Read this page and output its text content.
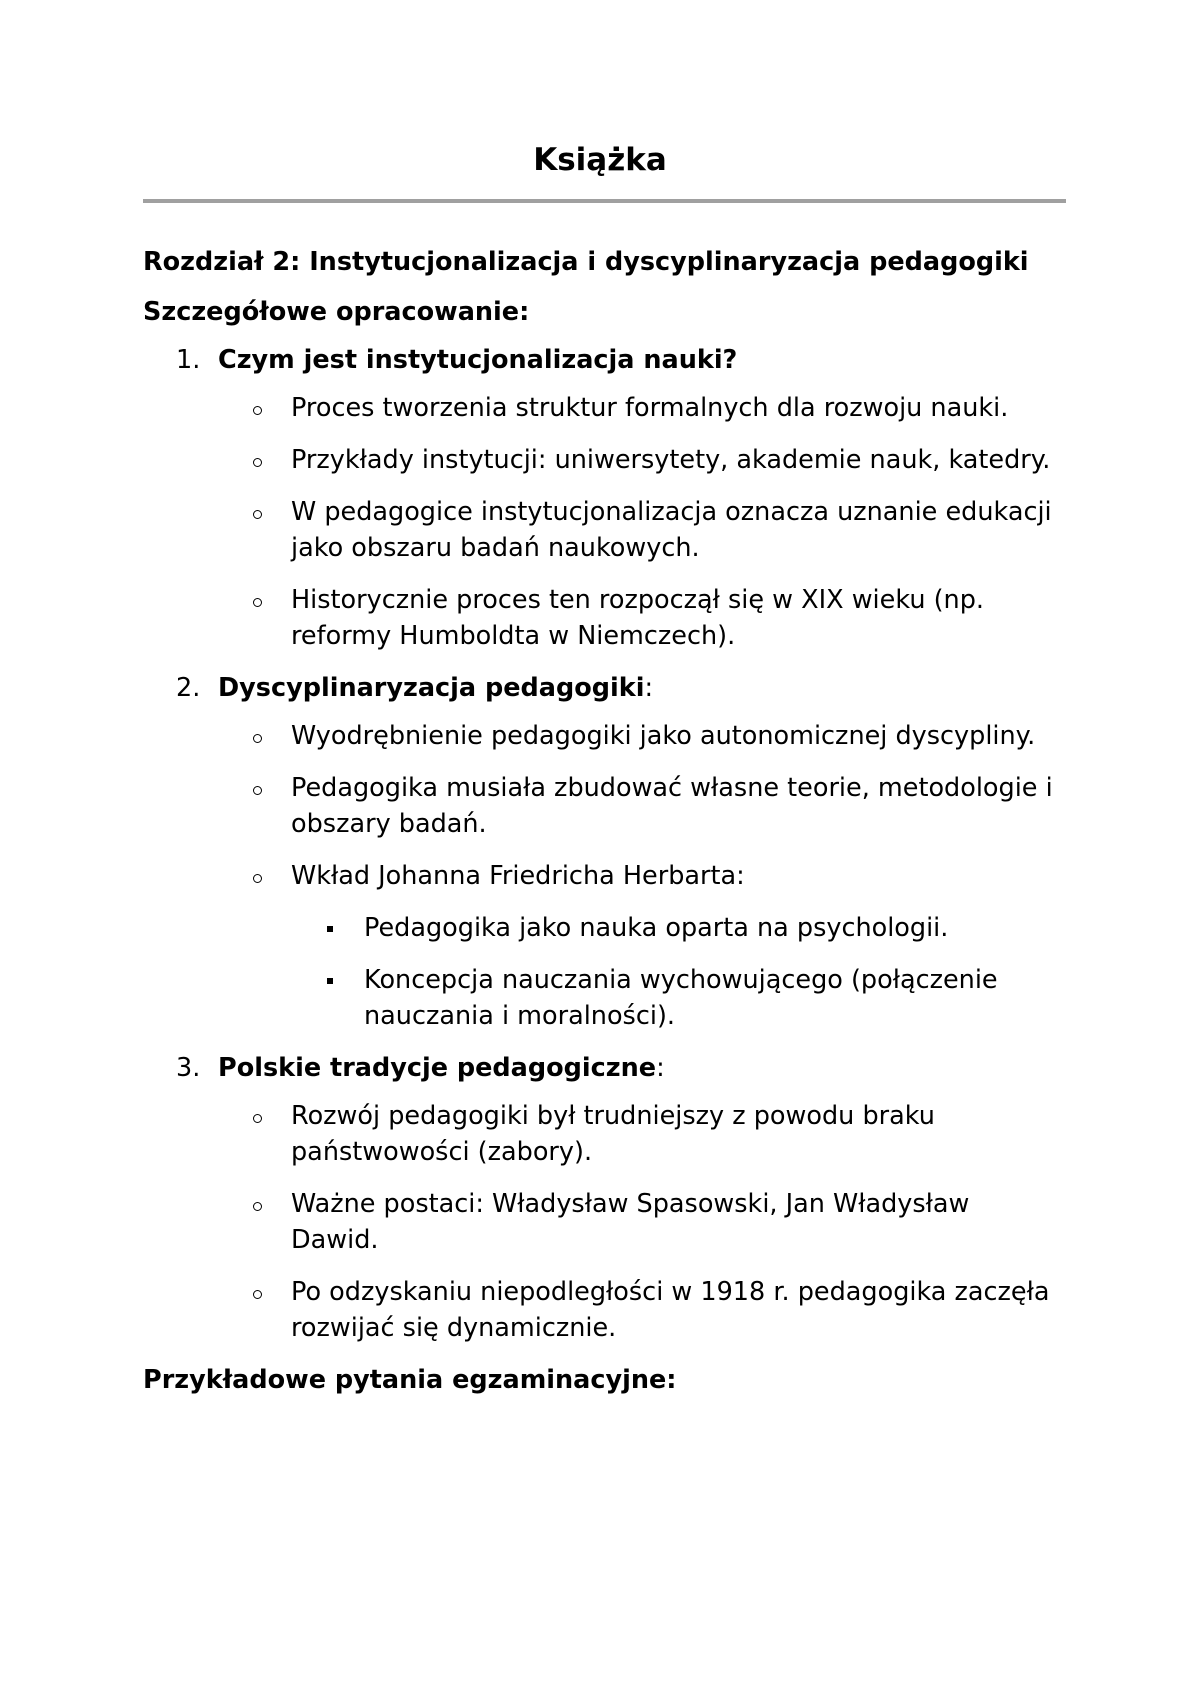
Książka
Rozdział 2: Instytucjonalizacja i dyscyplinaryzacja pedagogiki
Szczegółowe opracowanie:
1. Czym jest instytucjonalizacja nauki?
Proces tworzenia struktur formalnych dla rozwoju nauki.
Przykłady instytucji: uniwersytety, akademie nauk, katedry.
W pedagogice instytucjonalizacja oznacza uznanie edukacji jako obszaru badań naukowych.
Historycznie proces ten rozpoczął się w XIX wieku (np. reformy Humboldta w Niemczech).
2. Dyscyplinaryzacja pedagogiki:
Wyodrębnienie pedagogiki jako autonomicznej dyscypliny.
Pedagogika musiała zbudować własne teorie, metodologie i obszary badań.
Wkład Johanna Friedricha Herbarta:
Pedagogika jako nauka oparta na psychologii.
Koncepcja nauczania wychowującego (połączenie nauczania i moralności).
3. Polskie tradycje pedagogiczne:
Rozwój pedagogiki był trudniejszy z powodu braku państwowości (zabory).
Ważne postaci: Władysław Spasowski, Jan Władysław Dawid.
Po odzyskaniu niepodległości w 1918 r. pedagogika zaczęła rozwijać się dynamicznie.
Przykładowe pytania egzaminacyjne:
